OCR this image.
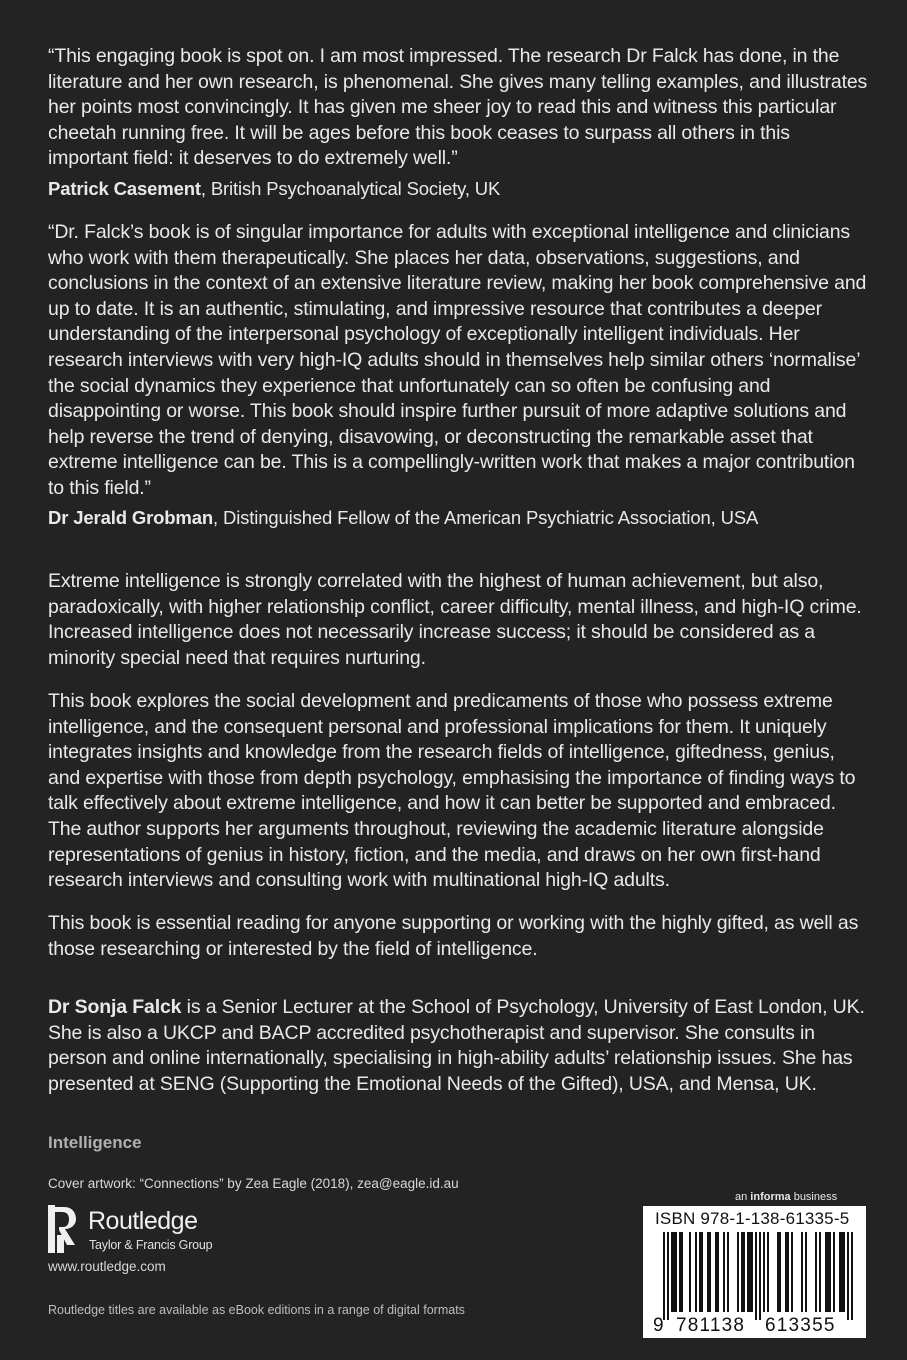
“This engaging book is spot on. I am most impressed. The research Dr Falck has done, in the literature and her own research, is phenomenal. She gives many telling examples, and illustrates her points most convincingly. It has given me sheer joy to read this and witness this particular cheetah running free. It will be ages before this book ceases to surpass all others in this important field: it deserves to do extremely well.”

Patrick Casement, British Psychoanalytical Society, UK

“Dr. Falck’s book is of singular importance for adults with exceptional intelligence and clinicians who work with them therapeutically. She places her data, observations, suggestions, and conclusions in the context of an extensive literature review, making her book comprehensive and up to date. It is an authentic, stimulating, and impressive resource that contributes a deeper understanding of the interpersonal psychology of exceptionally intelligent individuals. Her research interviews with very high-IQ adults should in themselves help similar others ‘normalise’ the social dynamics they experience that unfortunately can so often be confusing and disappointing or worse. This book should inspire further pursuit of more adaptive solutions and help reverse the trend of denying, disavowing, or deconstructing the remarkable asset that extreme intelligence can be. This is a compellingly-written work that makes a major contribution to this field.”

Dr Jerald Grobman, Distinguished Fellow of the American Psychiatric Association, USA

Extreme intelligence is strongly correlated with the highest of human achievement, but also, paradoxically, with higher relationship conflict, career difficulty, mental illness, and high-IQ crime. Increased intelligence does not necessarily increase success; it should be considered as a minority special need that requires nurturing.

This book explores the social development and predicaments of those who possess extreme intelligence, and the consequent personal and professional implications for them. It uniquely integrates insights and knowledge from the research fields of intelligence, giftedness, genius, and expertise with those from depth psychology, emphasising the importance of finding ways to talk effectively about extreme intelligence, and how it can better be supported and embraced. The author supports her arguments throughout, reviewing the academic literature alongside representations of genius in history, fiction, and the media, and draws on her own first-hand research interviews and consulting work with multinational high-IQ adults.

This book is essential reading for anyone supporting or working with the highly gifted, as well as those researching or interested by the field of intelligence.

Dr Sonja Falck is a Senior Lecturer at the School of Psychology, University of East London, UK. She is also a UKCP and BACP accredited psychotherapist and supervisor. She consults in person and online internationally, specialising in high-ability adults’ relationship issues. She has presented at SENG (Supporting the Emotional Needs of the Gifted), USA, and Mensa, UK.

Intelligence
Cover artwork: “Connections” by Zea Eagle (2018), zea@eagle.id.au
Routledge
Taylor & Francis Group
www.routledge.com
Routledge titles are available as eBook editions in a range of digital formats
an informa business
ISBN 978-1-138-61335-5
9 781138 613355
